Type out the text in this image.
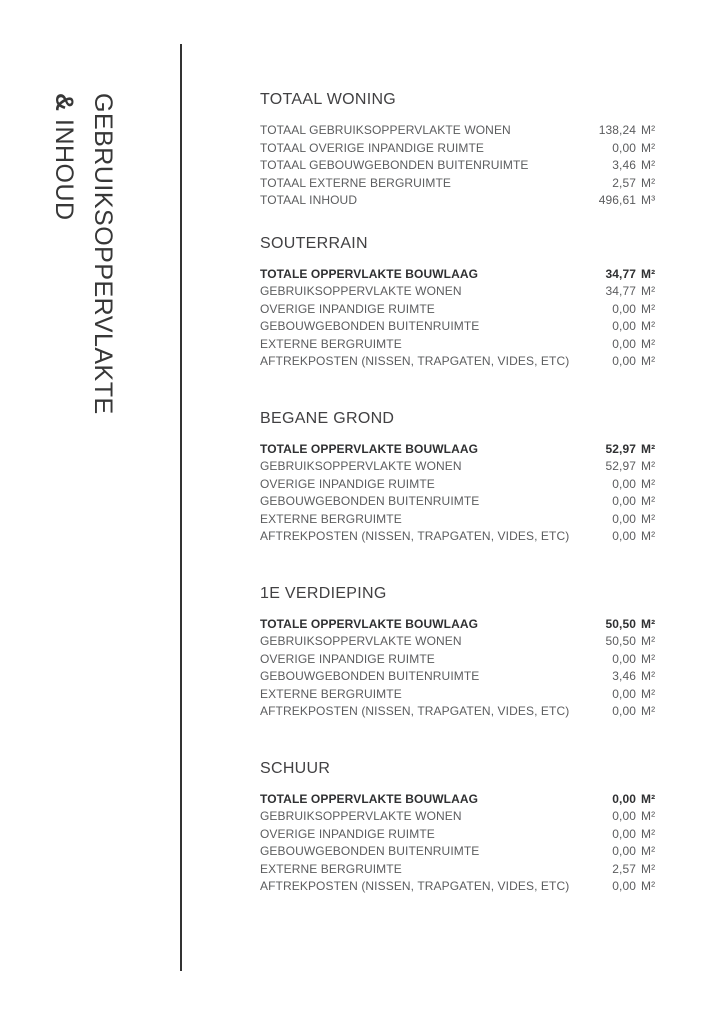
GEBRUIKSOPPERVLAKTE
&INHOUD
TOTAAL WONING
TOTAAL GEBRUIKSOPPERVLAKTE WONEN	138,24 M²
TOTAAL OVERIGE INPANDIGE RUIMTE	0,00 M²
TOTAAL GEBOUWGEBONDEN BUITENRUIMTE	3,46 M²
TOTAAL EXTERNE BERGRUIMTE	2,57 M²
TOTAAL INHOUD	496,61 M³
SOUTERRAIN
TOTALE OPPERVLAKTE BOUWLAAG	34,77 M²
GEBRUIKSOPPERVLAKTE WONEN	34,77 M²
OVERIGE INPANDIGE RUIMTE	0,00 M²
GEBOUWGEBONDEN BUITENRUIMTE	0,00 M²
EXTERNE BERGRUIMTE	0,00 M²
AFTREKPOSTEN (NISSEN, TRAPGATEN, VIDES, ETC)	0,00 M²
BEGANE GROND
TOTALE OPPERVLAKTE BOUWLAAG	52,97 M²
GEBRUIKSOPPERVLAKTE WONEN	52,97 M²
OVERIGE INPANDIGE RUIMTE	0,00 M²
GEBOUWGEBONDEN BUITENRUIMTE	0,00 M²
EXTERNE BERGRUIMTE	0,00 M²
AFTREKPOSTEN (NISSEN, TRAPGATEN, VIDES, ETC)	0,00 M²
1E VERDIEPING
TOTALE OPPERVLAKTE BOUWLAAG	50,50 M²
GEBRUIKSOPPERVLAKTE WONEN	50,50 M²
OVERIGE INPANDIGE RUIMTE	0,00 M²
GEBOUWGEBONDEN BUITENRUIMTE	3,46 M²
EXTERNE BERGRUIMTE	0,00 M²
AFTREKPOSTEN (NISSEN, TRAPGATEN, VIDES, ETC)	0,00 M²
SCHUUR
TOTALE OPPERVLAKTE BOUWLAAG	0,00 M²
GEBRUIKSOPPERVLAKTE WONEN	0,00 M²
OVERIGE INPANDIGE RUIMTE	0,00 M²
GEBOUWGEBONDEN BUITENRUIMTE	0,00 M²
EXTERNE BERGRUIMTE	2,57 M²
AFTREKPOSTEN (NISSEN, TRAPGATEN, VIDES, ETC)	0,00 M²
